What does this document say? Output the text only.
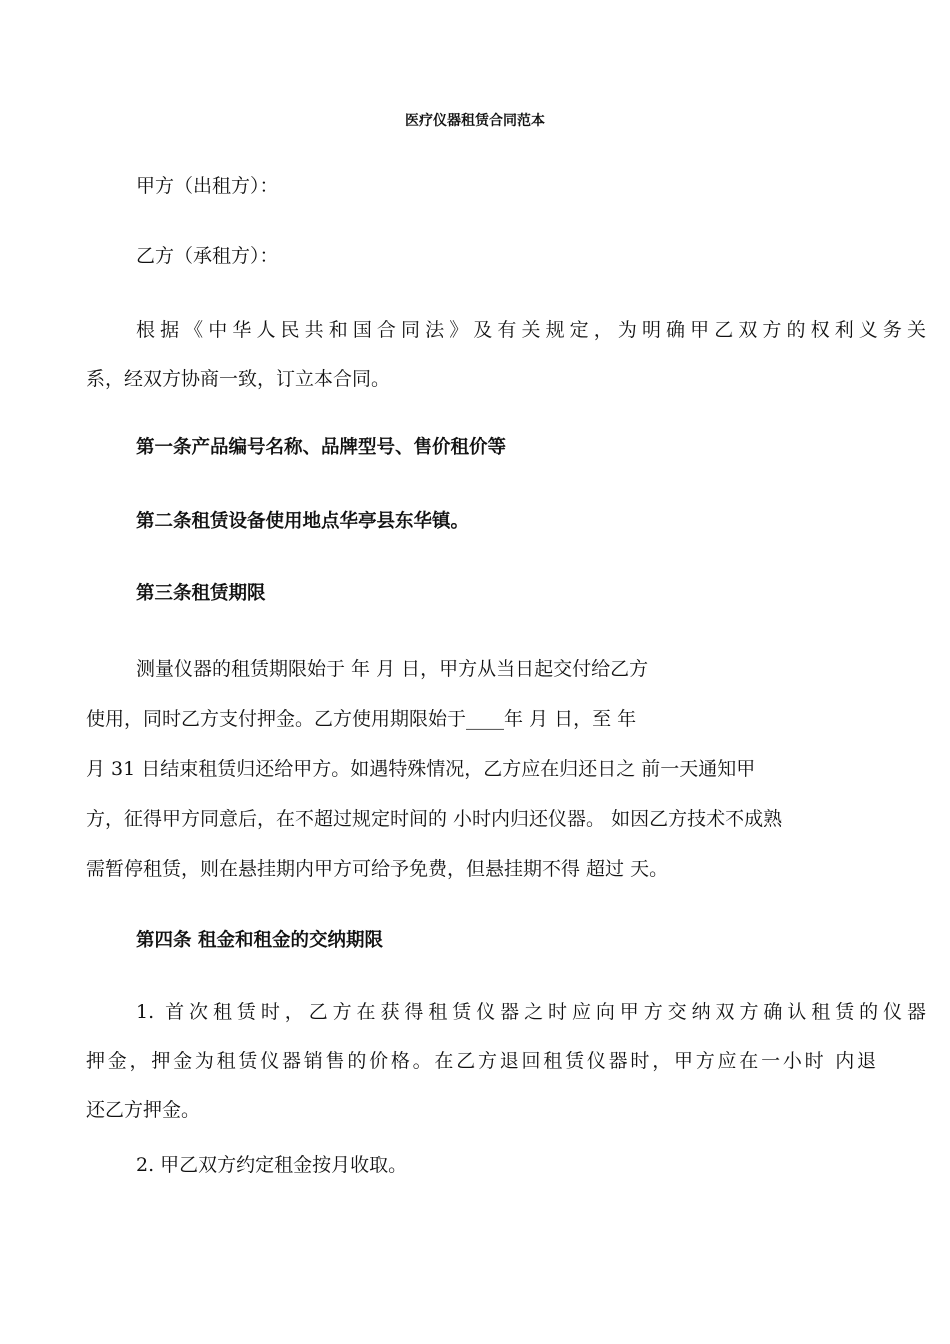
医疗仪器租赁合同范本
甲方（出租方）：
乙方（承租方）：
根据《中华人民共和国合同法》及有关规定，为明确甲乙双方的权利义务关
系，经双方协商一致，订立本合同。
第一条产品编号名称、品牌型号、售价租价等
第二条租赁设备使用地点华亭县东华镇。
第三条租赁期限
测量仪器的租赁期限始于 年 月 日，甲方从当日起交付给乙方
使用，同时乙方支付押金。乙方使用期限始于____年 月 日，至 年
月 31 日结束租赁归还给甲方。如遇特殊情况，乙方应在归还日之 前一天通知甲
方，征得甲方同意后，在不超过规定时间的 小时内归还仪器。 如因乙方技术不成熟
需暂停租赁，则在悬挂期内甲方可给予免费，但悬挂期不得 超过 天。
第四条 租金和租金的交纳期限
1. 首次租赁时，乙方在获得租赁仪器之时应向甲方交纳双方确认租赁的仪器
押金，押金为租赁仪器销售的价格。在乙方退回租赁仪器时，甲方应在一小时 内退
还乙方押金。
2. 甲乙双方约定租金按月收取。
